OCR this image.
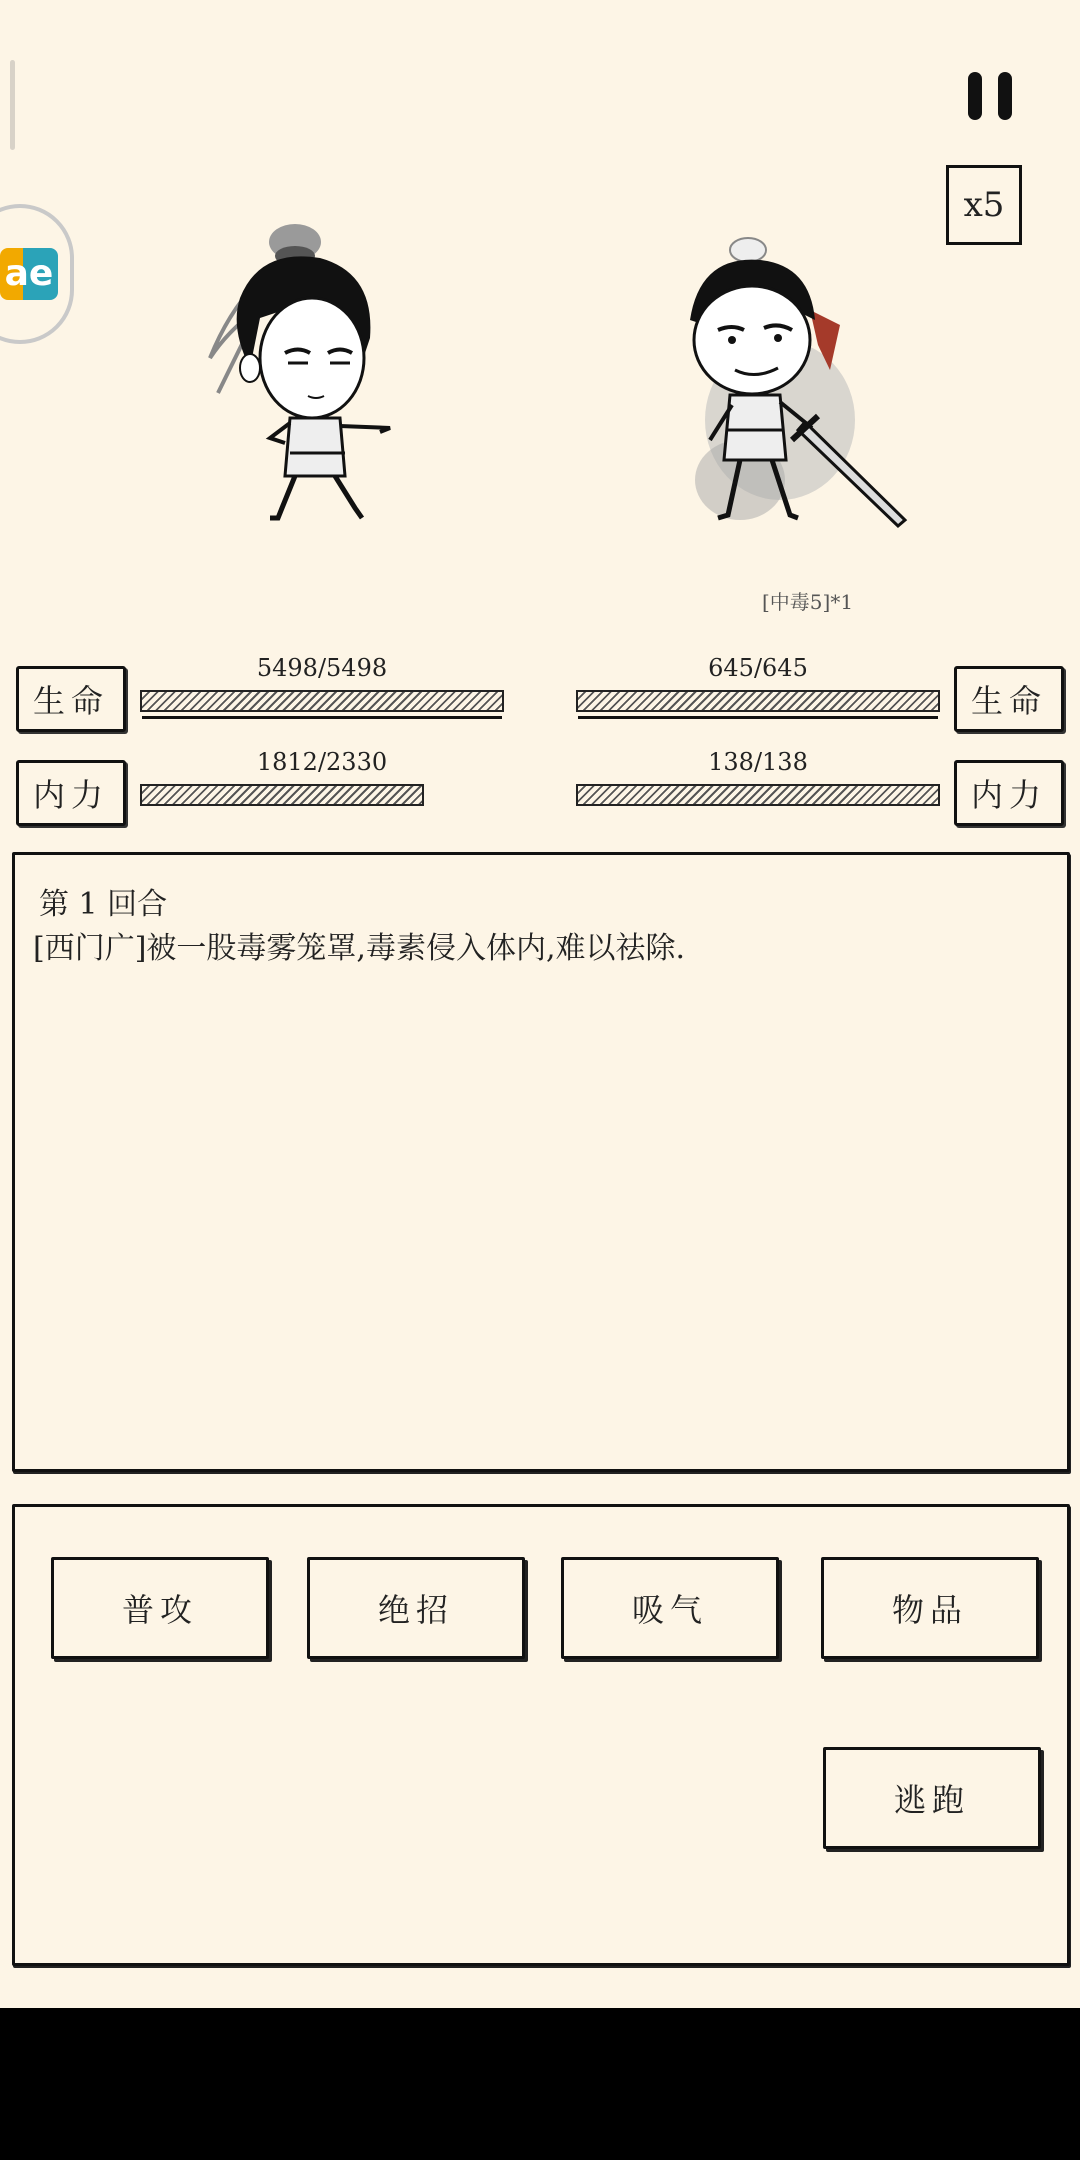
x5
ae
[中毒5]*1
生命
5498/5498
内力
1812/2330
生命
645/645
内力
138/138
第 1 回合
[西门广]被一股毒雾笼罩,毒素侵入体内,难以祛除.
普攻	绝招	吸气	物品
逃跑
